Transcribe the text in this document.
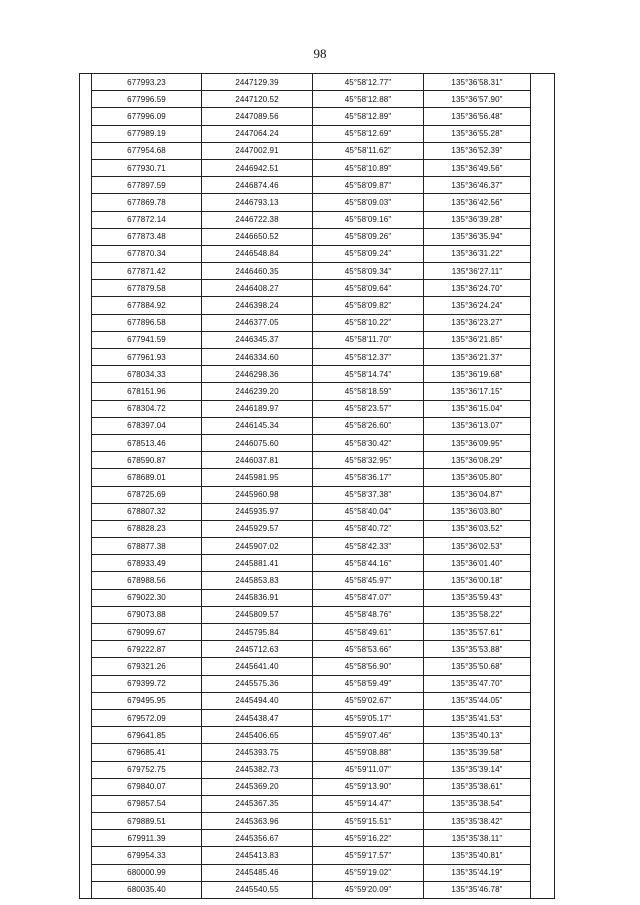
98
	677993.23	2447129.39	45°58'12.77"	135°36'58.31"	
	677996.59	2447120.52	45°58'12.88"	135°36'57.90"	
	677996.09	2447089.56	45°58'12.89"	135°36'56.48"	
	677989.19	2447064.24	45°58'12.69"	135°36'55.28"	
	677954.68	2447002.91	45°58'11.62"	135°36'52.39"	
	677930.71	2446942.51	45°58'10.89"	135°36'49.56"	
	677897.59	2446874.46	45°58'09.87"	135°36'46.37"	
	677869.78	2446793.13	45°58'09.03"	135°36'42.56"	
	677872.14	2446722.38	45°58'09.16"	135°36'39.28"	
	677873.48	2446650.52	45°58'09.26"	135°36'35.94"	
	677870.34	2446548.84	45°58'09.24"	135°36'31.22"	
	677871.42	2446460.35	45°58'09.34"	135°36'27.11"	
	677879.58	2446408.27	45°58'09.64"	135°36'24.70"	
	677884.92	2446398.24	45°58'09.82"	135°36'24.24"	
	677896.58	2446377.05	45°58'10.22"	135°36'23.27"	
	677941.59	2446345.37	45°58'11.70"	135°36'21.85"	
	677961.93	2446334.60	45°58'12.37"	135°36'21.37"	
	678034.33	2446298.36	45°58'14.74"	135°36'19.68"	
	678151.96	2446239.20	45°58'18.59"	135°36'17.15"	
	678304.72	2446189.97	45°58'23.57"	135°36'15.04"	
	678397.04	2446145.34	45°58'26.60"	135°36'13.07"	
	678513.46	2446075.60	45°58'30.42"	135°36'09.95"	
	678590.87	2446037.81	45°58'32.95"	135°36'08.29"	
	678689.01	2445981.95	45°58'36.17"	135°36'05.80"	
	678725.69	2445960.98	45°58'37.38"	135°36'04.87"	
	678807.32	2445935.97	45°58'40.04"	135°36'03.80"	
	678828.23	2445929.57	45°58'40.72"	135°36'03.52"	
	678877.38	2445907.02	45°58'42.33"	135°36'02.53"	
	678933.49	2445881.41	45°58'44.16"	135°36'01.40"	
	678988.56	2445853.83	45°58'45.97"	135°36'00.18"	
	679022.30	2445836.91	45°58'47.07"	135°35'59.43"	
	679073.88	2445809.57	45°58'48.76"	135°35'58.22"	
	679099.67	2445795.84	45°58'49.61"	135°35'57.61"	
	679222.87	2445712.63	45°58'53.66"	135°35'53.88"	
	679321.26	2445641.40	45°58'56.90"	135°35'50.68"	
	679399.72	2445575.36	45°58'59.49"	135°35'47.70"	
	679495.95	2445494.40	45°59'02.67"	135°35'44.05"	
	679572.09	2445438.47	45°59'05.17"	135°35'41.53"	
	679641.85	2445406.65	45°59'07.46"	135°35'40.13"	
	679685.41	2445393.75	45°59'08.88"	135°35'39.58"	
	679752.75	2445382.73	45°59'11.07"	135°35'39.14"	
	679840.07	2445369.20	45°59'13.90"	135°35'38.61"	
	679857.54	2445367.35	45°59'14.47"	135°35'38.54"	
	679889.51	2445363.96	45°59'15.51"	135°35'38.42"	
	679911.39	2445356.67	45°59'16.22"	135°35'38.11"	
	679954.33	2445413.83	45°59'17.57"	135°35'40.81"	
	680000.99	2445485.46	45°59'19.02"	135°35'44.19"	
	680035.40	2445540.55	45°59'20.09"	135°35'46.78"	
